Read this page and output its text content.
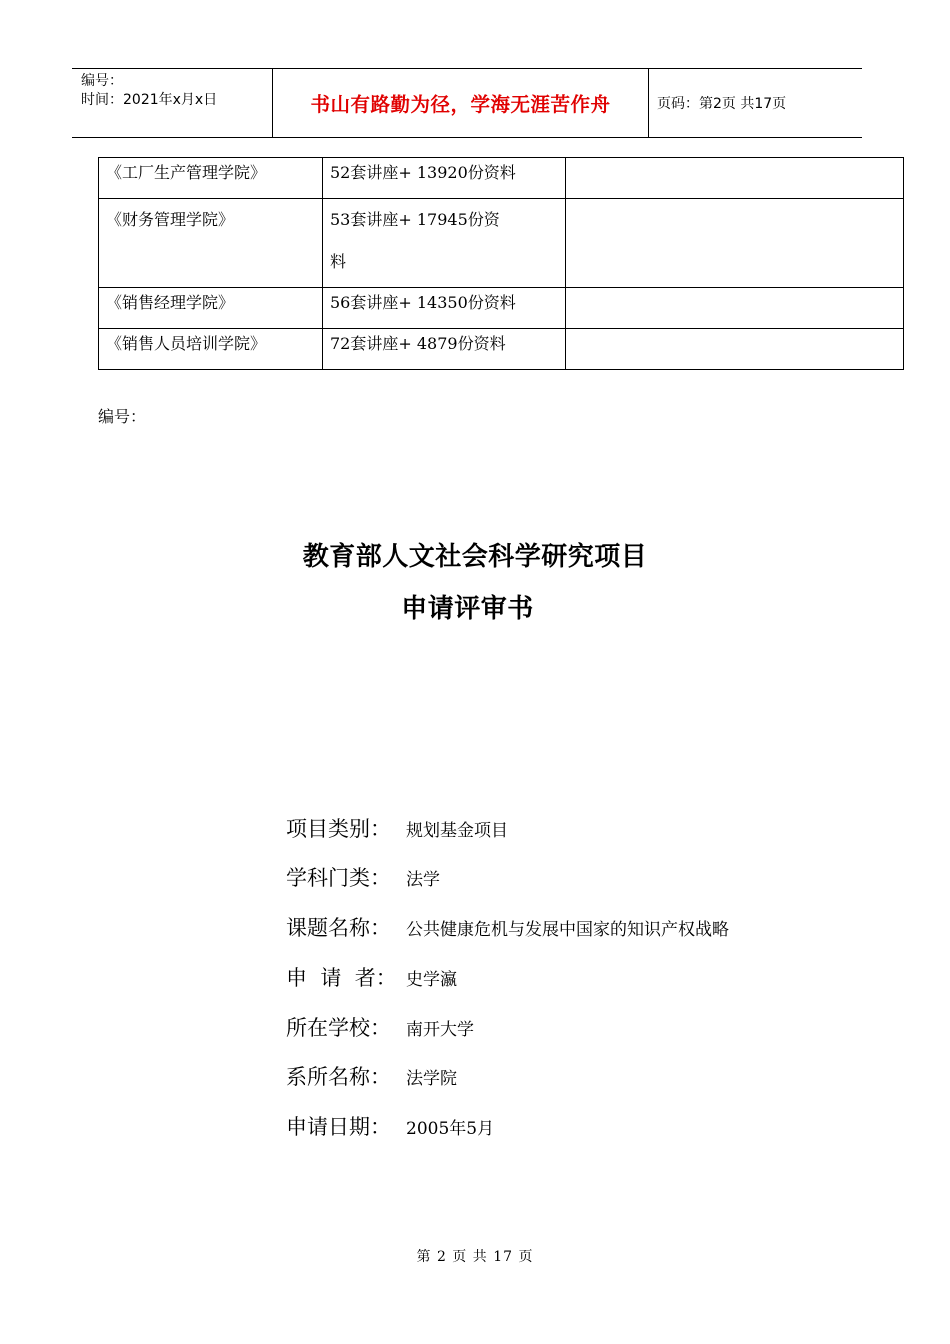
编号：
时间：2021年x月x日	书山有路勤为径，学海无涯苦作舟	页码：第2页 共17页
《工厂生产管理学院》	52套讲座+ 13920份资料	
《财务管理学院》	53套讲座+ 17945份资
料	
《销售经理学院》	56套讲座+ 14350份资料	
《销售人员培训学院》	72套讲座+ 4879份资料	
编号：
教育部人文社会科学研究项目
申请评审书
项目类别： 规划基金项目
学科门类： 法学
课题名称： 公共健康危机与发展中国家的知识产权战略
申  请  者： 史学瀛
所在学校： 南开大学
系所名称： 法学院
申请日期： 2005年5月
第 2 页 共 17 页
